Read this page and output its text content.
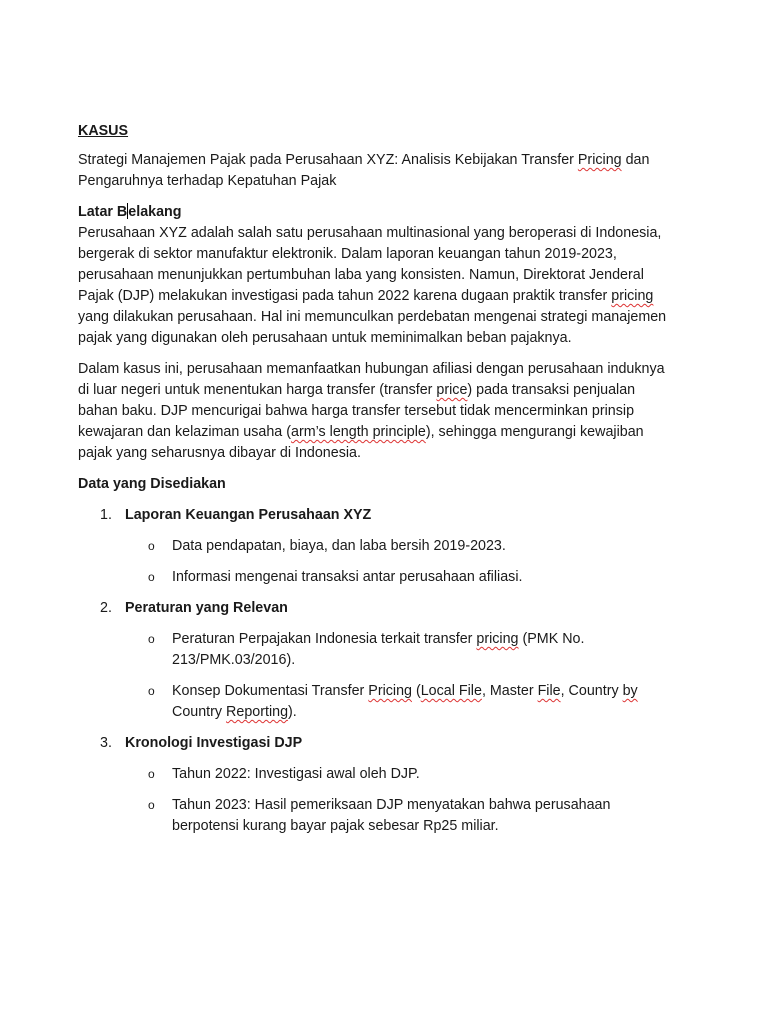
KASUS

Strategi Manajemen Pajak pada Perusahaan XYZ: Analisis Kebijakan Transfer Pricing dan
Pengaruhnya terhadap Kepatuhan Pajak

Latar Belakang

Perusahaan XYZ adalah salah satu perusahaan multinasional yang beroperasi di Indonesia, bergerak di sektor manufaktur elektronik. Dalam laporan keuangan tahun 2019-2023, perusahaan menunjukkan pertumbuhan laba yang konsisten. Namun, Direktorat Jenderal Pajak (DJP) melakukan investigasi pada tahun 2022 karena dugaan praktik transfer pricing yang dilakukan perusahaan. Hal ini memunculkan perdebatan mengenai strategi manajemen pajak yang digunakan oleh perusahaan untuk meminimalkan beban pajaknya.

Dalam kasus ini, perusahaan memanfaatkan hubungan afiliasi dengan perusahaan induknya di luar negeri untuk menentukan harga transfer (transfer price) pada transaksi penjualan bahan baku. DJP mencurigai bahwa harga transfer tersebut tidak mencerminkan prinsip kewajaran dan kelaziman usaha (arm’s length principle), sehingga mengurangi kewajiban pajak yang seharusnya dibayar di Indonesia.

Data yang Disediakan

1. Laporan Keuangan Perusahaan XYZ
o Data pendapatan, biaya, dan laba bersih 2019-2023.
o Informasi mengenai transaksi antar perusahaan afiliasi.
2. Peraturan yang Relevan
o Peraturan Perpajakan Indonesia terkait transfer pricing (PMK No. 213/PMK.03/2016).
o Konsep Dokumentasi Transfer Pricing (Local File, Master File, Country by Country Reporting).
3. Kronologi Investigasi DJP
o Tahun 2022: Investigasi awal oleh DJP.
o Tahun 2023: Hasil pemeriksaan DJP menyatakan bahwa perusahaan berpotensi kurang bayar pajak sebesar Rp25 miliar.
